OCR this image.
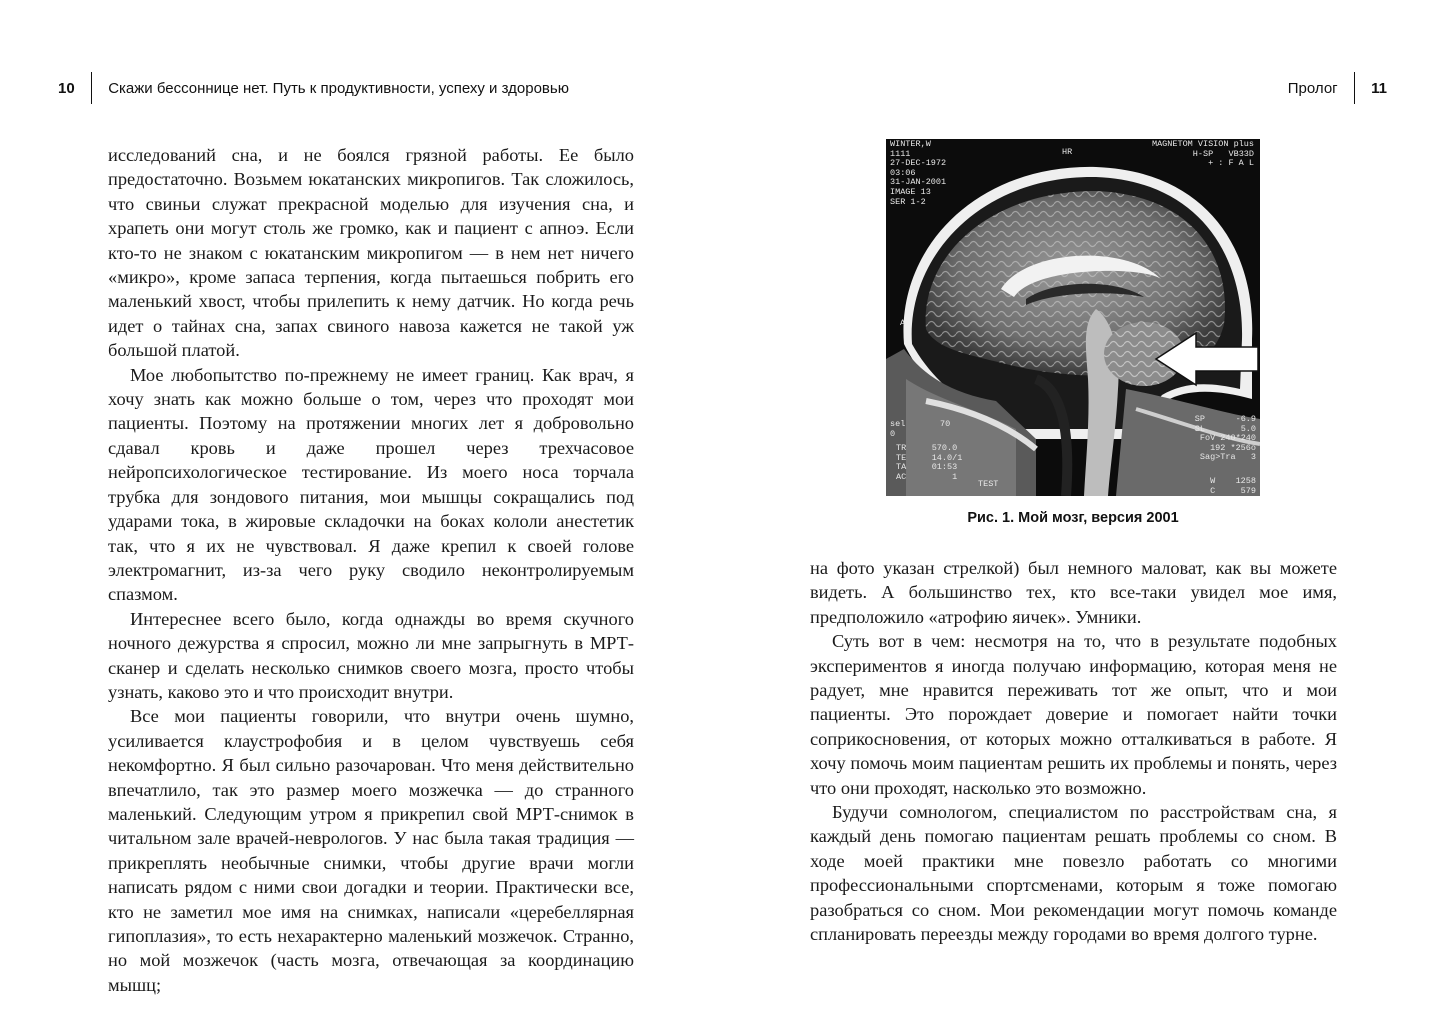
10 Скажи бессоннице нет. Путь к продуктивности, успеху и здоровью

исследований сна, и не боялся грязной работы. Ее было предостаточно. Возьмем юкатанских микропигов. Так сложилось, что свиньи служат прекрасной моделью для изучения сна, и храпеть они могут столь же громко, как и пациент с апноэ. Если кто-то не знаком с юкатанским микропигом — в нем нет ничего «микро», кроме запаса терпения, когда пытаешься побрить его маленький хвост, чтобы прилепить к нему датчик. Но когда речь идет о тайнах сна, запах свиного навоза кажется не такой уж большой платой.

Мое любопытство по-прежнему не имеет границ. Как врач, я хочу знать как можно больше о том, через что проходят мои пациенты. Поэтому на протяжении многих лет я добровольно сдавал кровь и даже прошел через трехчасовое нейропсихологическое тестирование. Из моего носа торчала трубка для зондового питания, мои мышцы сокращались под ударами тока, в жировые складочки на боках кололи анестетик так, что я их не чувствовал. Я даже крепил к своей голове электромагнит, из-за чего руку сводило неконтролируемым спазмом.

Интереснее всего было, когда однажды во время скучного ночного дежурства я спросил, можно ли мне запрыгнуть в МРТ-сканер и сделать несколько снимков своего мозга, просто чтобы узнать, каково это и что происходит внутри.

Все мои пациенты говорили, что внутри очень шумно, усиливается клаустрофобия и в целом чувствуешь себя некомфортно. Я был сильно разочарован. Что меня действительно впечатлило, так это размер моего мозжечка — до странного маленький. Следующим утром я прикрепил свой МРТ-снимок в читальном зале врачей-неврологов. У нас была такая традиция — прикреплять необычные снимки, чтобы другие врачи могли написать рядом с ними свои догадки и теории. Практически все, кто не заметил мое имя на снимках, написали «церебеллярная гипоплазия», то есть нехарактерно маленький мозжечок. Странно, но мой мозжечок (часть мозга, отвечающая за координацию мышц;

Пролог 11
WINTER,W
1111
27-DEC-1972
03:06
31-JAN-2001
IMAGE 13
SER 1-2
HR
MAGNETOM VISION plus
H-SP   VB33D
+ : F A L
A
sel
0
70
TR     570.0
TE     14.0/1
TA     01:53
AC         1
TEST
SP      -6.9
SL       5.0
FoV 240*240
192 *256o
Sag>Tra   3
W    1258
C     579
Рис. 1. Мой мозг, версия 2001

на фото указан стрелкой) был немного маловат, как вы можете видеть. А большинство тех, кто все-таки увидел мое имя, предположило «атрофию яичек». Умники.

Суть вот в чем: несмотря на то, что в результате подобных экспериментов я иногда получаю информацию, которая меня не радует, мне нравится переживать тот же опыт, что и мои пациенты. Это порождает доверие и помогает найти точки соприкосновения, от которых можно отталкиваться в работе. Я хочу помочь моим пациентам решить их проблемы и понять, через что они проходят, насколько это возможно.

Будучи сомнологом, специалистом по расстройствам сна, я каждый день помогаю пациентам решать проблемы со сном. В ходе моей практики мне повезло работать со многими профессиональными спортсменами, которым я тоже помогаю разобраться со сном. Мои рекомендации могут помочь команде спланировать переезды между городами во время долгого турне.
